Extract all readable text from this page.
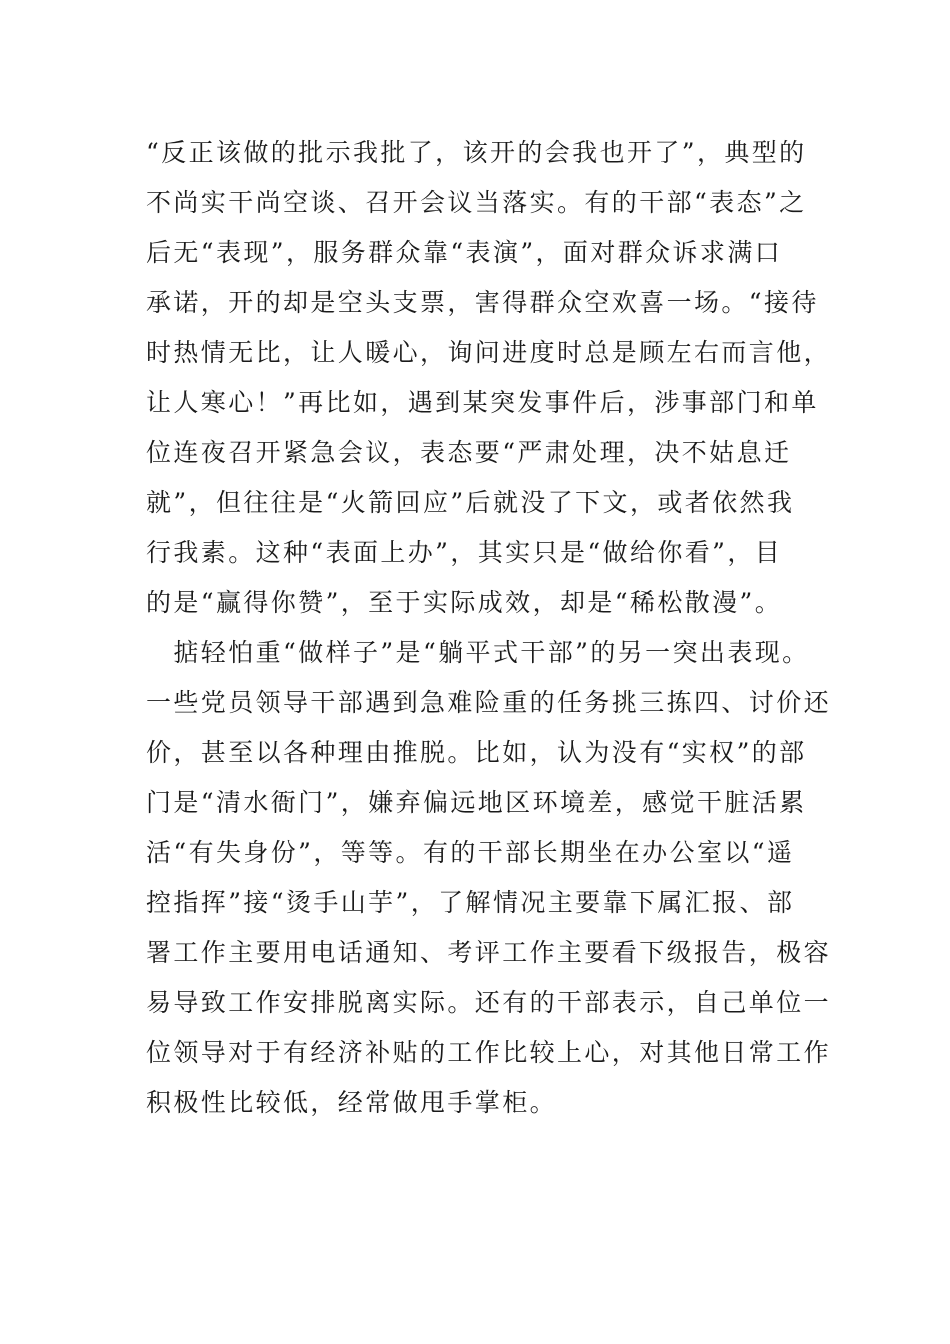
“反正该做的批示我批了，该开的会我也开了”，典型的
不尚实干尚空谈、召开会议当落实。有的干部“表态”之
后无“表现”，服务群众靠“表演”，面对群众诉求满口
承诺，开的却是空头支票，害得群众空欢喜一场。“接待
时热情无比，让人暖心，询问进度时总是顾左右而言他，
让人寒心！”再比如，遇到某突发事件后，涉事部门和单
位连夜召开紧急会议，表态要“严肃处理，决不姑息迁
就”，但往往是“火箭回应”后就没了下文，或者依然我
行我素。这种“表面上办”，其实只是“做给你看”，目
的是“赢得你赞”，至于实际成效，却是“稀松散漫”。
　掂轻怕重“做样子”是“躺平式干部”的另一突出表现。
一些党员领导干部遇到急难险重的任务挑三拣四、讨价还
价，甚至以各种理由推脱。比如，认为没有“实权”的部
门是“清水衙门”，嫌弃偏远地区环境差，感觉干脏活累
活“有失身份”，等等。有的干部长期坐在办公室以“遥
控指挥”接“烫手山芋”，了解情况主要靠下属汇报、部
署工作主要用电话通知、考评工作主要看下级报告，极容
易导致工作安排脱离实际。还有的干部表示，自己单位一
位领导对于有经济补贴的工作比较上心，对其他日常工作
积极性比较低，经常做甩手掌柜。
